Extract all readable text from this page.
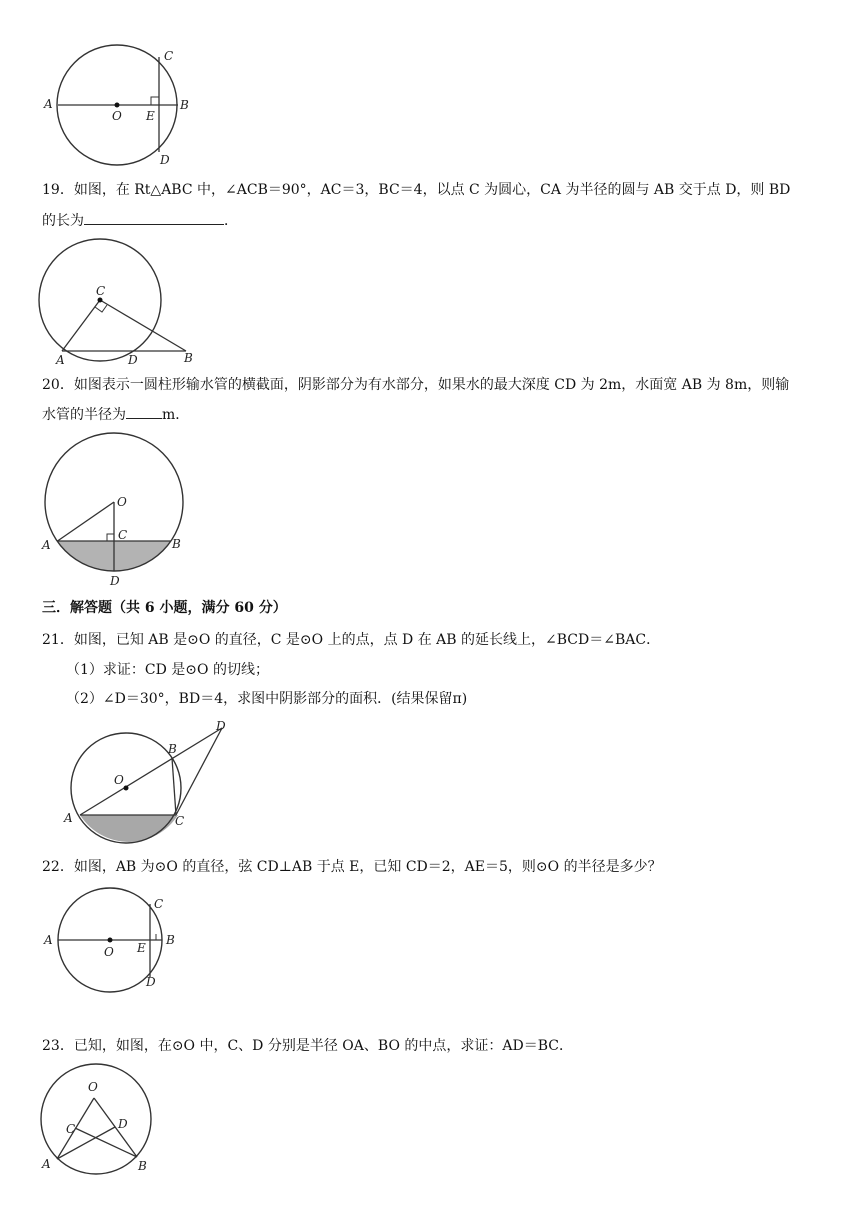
A	B
C
D
E
O
19．如图，在 Rt△ABC 中，∠ACB＝90°，AC＝3，BC＝4，以点 C 为圆心，CA 为半径的圆与 AB 交于点 D，则 BD
的长为	．
A	B
C
D
20．如图表示一圆柱形输水管的横截面，阴影部分为有水部分，如果水的最大深度 CD 为 2m，水面宽 AB 为 8m，则输
水管的半径为	m．
A	B
C
D
O
三．解答题（共 6 小题，满分 60 分）
21．如图，已知 AB 是⊙O 的直径，C 是⊙O 上的点，点 D 在 AB 的延长线上，∠BCD＝∠BAC．
（1）求证：CD 是⊙O 的切线；
（2）∠D＝30°，BD＝4，求图中阴影部分的面积．(结果保留π)
A
B
C
D
O
22．如图，AB 为⊙O 的直径，弦 CD⊥AB 于点 E，已知 CD＝2，AE＝5，则⊙O 的半径是多少？
A	B
C
D
E
O
23．已知，如图，在⊙O 中，C、D 分别是半径 OA、BO 的中点，求证：AD＝BC．
O
C	D
A	B
